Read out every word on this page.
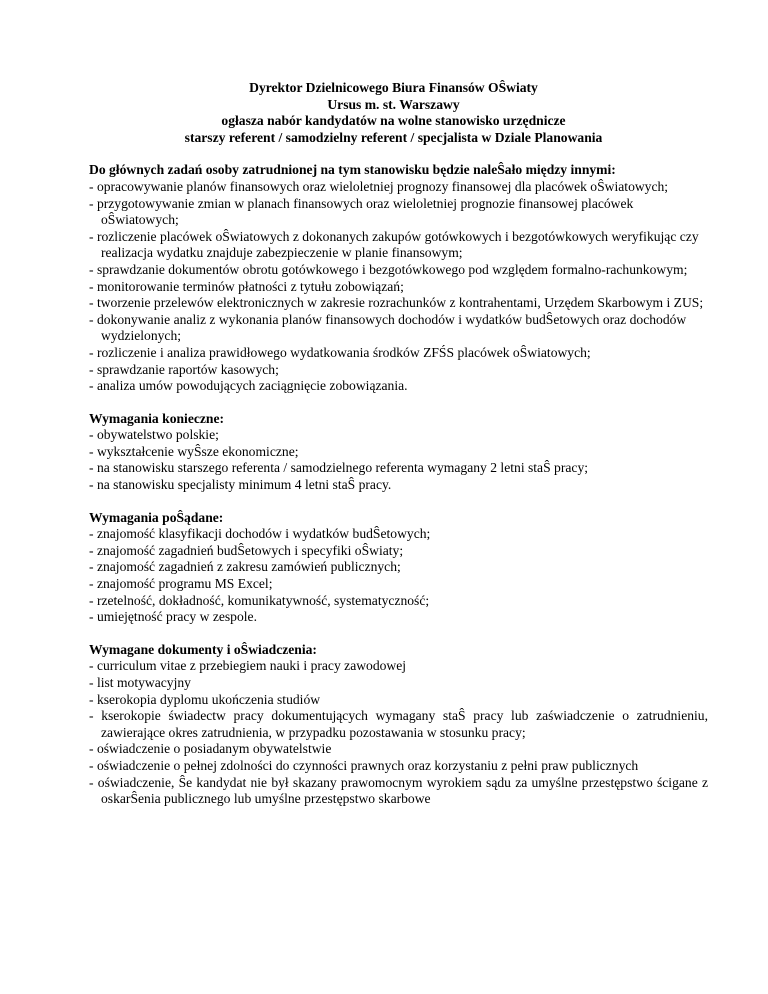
Dyrektor Dzielnicowego Biura Finansów OŜwiaty
Ursus m. st. Warszawy
ogłasza nabór kandydatów na wolne stanowisko urzędnicze
starszy referent / samodzielny referent / specjalista w Dziale Planowania
Do głównych zadań osoby zatrudnionej na tym stanowisku będzie naleŜało między innymi:
- opracowywanie planów finansowych oraz wieloletniej prognozy finansowej dla placówek oŜwiatowych;
- przygotowywanie zmian w planach finansowych oraz wieloletniej prognozie finansowej placówek oŜwiatowych;
- rozliczenie placówek oŜwiatowych z dokonanych zakupów gotówkowych i bezgotówkowych weryfikując czy realizacja wydatku znajduje zabezpieczenie w planie finansowym;
- sprawdzanie dokumentów obrotu gotówkowego i bezgotówkowego pod względem formalno-rachunkowym;
- monitorowanie terminów płatności z tytułu zobowiązań;
- tworzenie przelewów elektronicznych w zakresie rozrachunków z kontrahentami, Urzędem Skarbowym i ZUS;
- dokonywanie analiz z wykonania planów finansowych dochodów i wydatków budŜetowych oraz dochodów wydzielonych;
- rozliczenie i analiza prawidłowego wydatkowania środków ZFŚS placówek oŜwiatowych;
- sprawdzanie raportów kasowych;
- analiza umów powodujących zaciągnięcie zobowiązania.
Wymagania konieczne:
- obywatelstwo polskie;
- wykształcenie wyŜsze ekonomiczne;
- na stanowisku starszego referenta / samodzielnego referenta wymagany 2 letni staŜ pracy;
- na stanowisku specjalisty minimum 4 letni staŜ pracy.
Wymagania poŜądane:
- znajomość klasyfikacji dochodów i wydatków budŜetowych;
- znajomość zagadnień budŜetowych i specyfiki oŜwiaty;
- znajomość zagadnień z zakresu zamówień publicznych;
- znajomość programu MS Excel;
- rzetelność, dokładność, komunikatywność, systematyczność;
- umiejętność pracy w zespole.
Wymagane dokumenty i oŜwiadczenia:
- curriculum vitae z przebiegiem nauki i pracy zawodowej
- list motywacyjny
- kserokopia dyplomu ukończenia studiów
- kserokopie świadectw pracy dokumentujących wymagany staŜ pracy lub zaświadczenie o zatrudnieniu, zawierające okres zatrudnienia, w przypadku pozostawania w stosunku pracy;
- oświadczenie o posiadanym obywatelstwie
- oświadczenie o pełnej zdolności do czynności prawnych oraz korzystaniu z pełni praw publicznych
- oświadczenie, Ŝe kandydat nie był skazany prawomocnym wyrokiem sądu za umyślne przestępstwo ścigane z oskarŜenia publicznego lub umyślne przestępstwo skarbowe
